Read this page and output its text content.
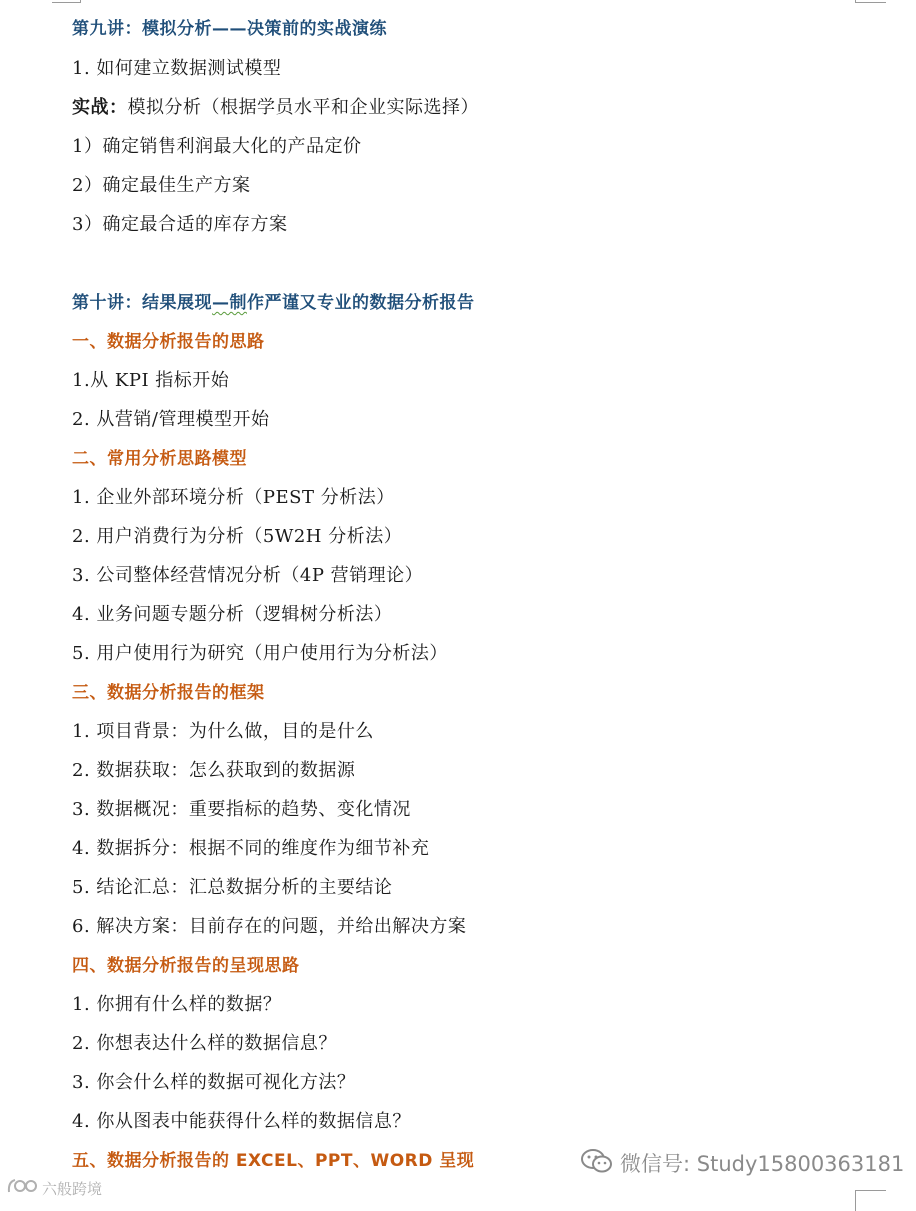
第九讲：模拟分析——决策前的实战演练
1. 如何建立数据测试模型
实战：模拟分析（根据学员水平和企业实际选择）
1）确定销售利润最大化的产品定价
2）确定最佳生产方案
3）确定最合适的库存方案
第十讲：结果展现—制作严谨又专业的数据分析报告
一、数据分析报告的思路
1.从 KPI 指标开始
2. 从营销/管理模型开始
二、常用分析思路模型
1. 企业外部环境分析（PEST 分析法）
2. 用户消费行为分析（5W2H 分析法）
3. 公司整体经营情况分析（4P 营销理论）
4. 业务问题专题分析（逻辑树分析法）
5. 用户使用行为研究（用户使用行为分析法）
三、数据分析报告的框架
1. 项目背景：为什么做，目的是什么
2. 数据获取：怎么获取到的数据源
3. 数据概况：重要指标的趋势、变化情况
4. 数据拆分：根据不同的维度作为细节补充
5. 结论汇总：汇总数据分析的主要结论
6. 解决方案：目前存在的问题，并给出解决方案
四、数据分析报告的呈现思路
1. 你拥有什么样的数据？
2. 你想表达什么样的数据信息？
3. 你会什么样的数据可视化方法？
4. 你从图表中能获得什么样的数据信息？
五、数据分析报告的 EXCEL、PPT、WORD 呈现	微信号: Study15800363181
六般跨境
